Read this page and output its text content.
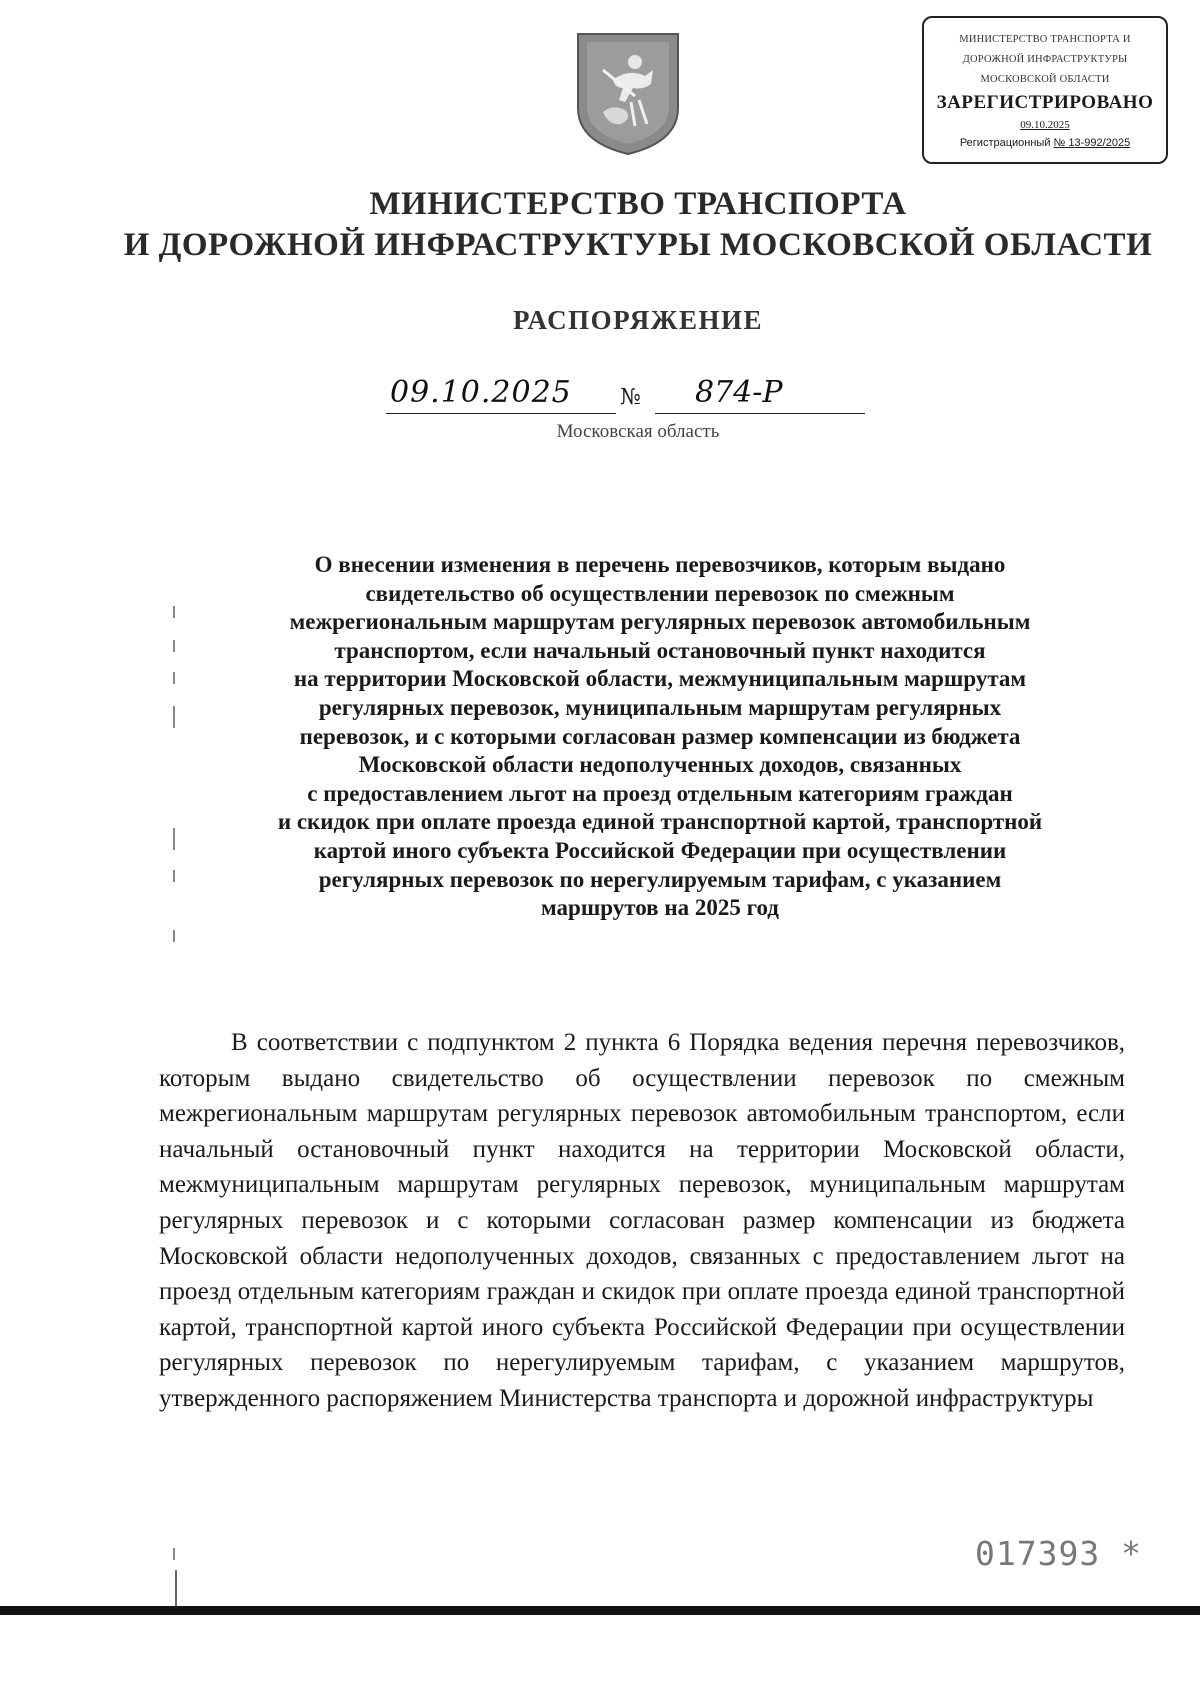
МИНИСТЕРСТВО ТРАНСПОРТА И
ДОРОЖНОЙ ИНФРАСТРУКТУРЫ
МОСКОВСКОЙ ОБЛАСТИ
ЗАРЕГИСТРИРОВАНО
09.10.2025
Регистрационный № 13-992/2025
МИНИСТЕРСТВО ТРАНСПОРТА
И ДОРОЖНОЙ ИНФРАСТРУКТУРЫ МОСКОВСКОЙ ОБЛАСТИ
РАСПОРЯЖЕНИЕ
09.10.2025 № 874-Р
Московская область
О внесении изменения в перечень перевозчиков, которым выдано
свидетельство об осуществлении перевозок по смежным
межрегиональным маршрутам регулярных перевозок автомобильным
транспортом, если начальный остановочный пункт находится
на территории Московской области, межмуниципальным маршрутам
регулярных перевозок, муниципальным маршрутам регулярных
перевозок, и с которыми согласован размер компенсации из бюджета
Московской области недополученных доходов, связанных
с предоставлением льгот на проезд отдельным категориям граждан
и скидок при оплате проезда единой транспортной картой, транспортной
картой иного субъекта Российской Федерации при осуществлении
регулярных перевозок по нерегулируемым тарифам, с указанием
маршрутов на 2025 год
В соответствии с подпунктом 2 пункта 6 Порядка ведения перечня перевозчиков, которым выдано свидетельство об осуществлении перевозок по смежным межрегиональным маршрутам регулярных перевозок автомобильным транспортом, если начальный остановочный пункт находится на территории Московской области, межмуниципальным маршрутам регулярных перевозок, муниципальным маршрутам регулярных перевозок и с которыми согласован размер компенсации из бюджета Московской области недополученных доходов, связанных с предоставлением льгот на проезд отдельным категориям граждан и скидок при оплате проезда единой транспортной картой, транспортной картой иного субъекта Российской Федерации при осуществлении регулярных перевозок по нерегулируемым тарифам, с указанием маршрутов, утвержденного распоряжением Министерства транспорта и дорожной инфраструктуры
017393 *
